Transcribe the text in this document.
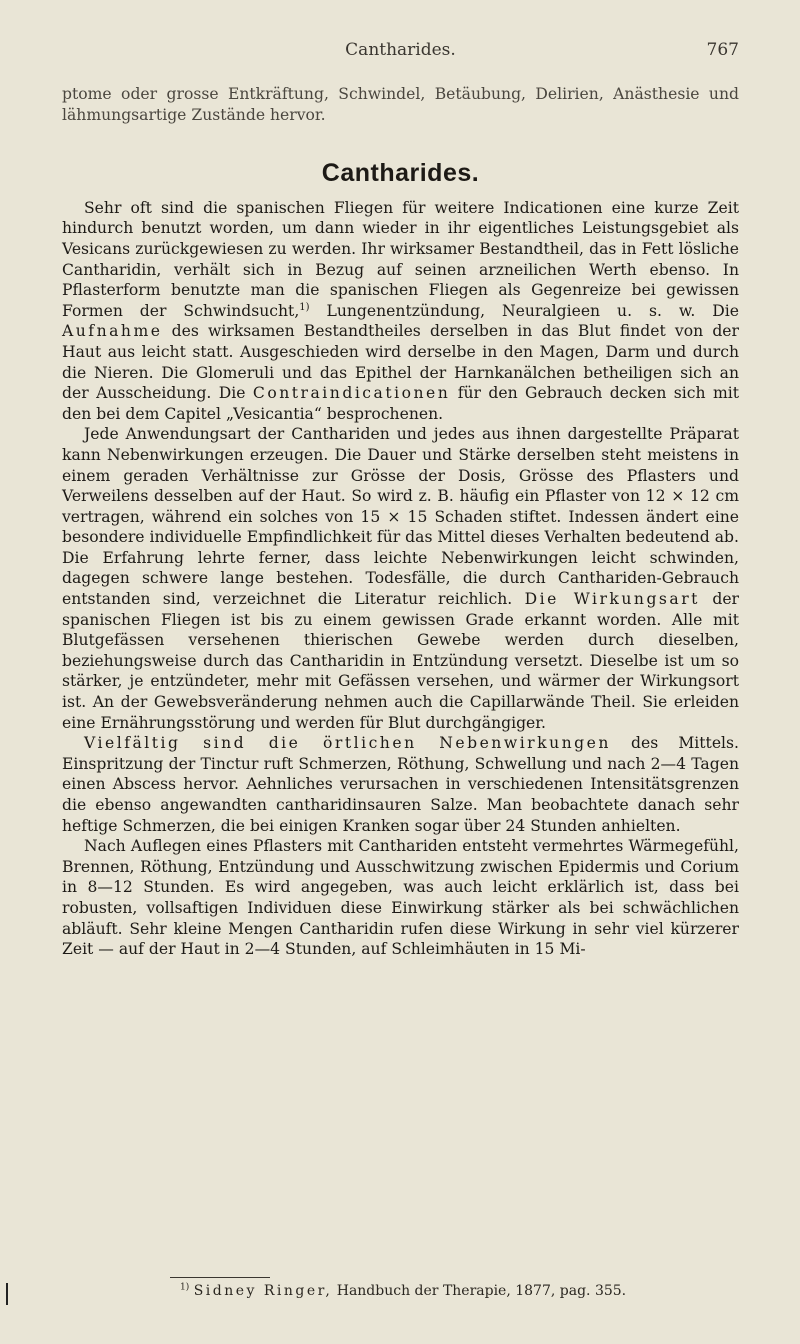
Cantharides.	767

ptome oder grosse Entkräftung, Schwindel, Betäubung, Delirien, Anästhesie und lähmungsartige Zustände hervor.

Cantharides.

Sehr oft sind die spanischen Fliegen für weitere Indicationen eine kurze Zeit hindurch benutzt worden, um dann wieder in ihr eigentliches Leistungsgebiet als Vesicans zurückgewiesen zu werden. Ihr wirksamer Bestandtheil, das in Fett lösliche Cantharidin, verhält sich in Bezug auf seinen arzneilichen Werth ebenso. In Pflasterform benutzte man die spanischen Fliegen als Gegenreize bei gewissen Formen der Schwindsucht,$^{1)}$ Lungenentzündung, Neuralgieen u. s. w. Die Aufnahme des wirksamen Bestandtheiles derselben in das Blut findet von der Haut aus leicht statt. Ausgeschieden wird derselbe in den Magen, Darm und durch die Nieren. Die Glomeruli und das Epithel der Harnkanälchen betheiligen sich an der Ausscheidung. Die Contraindicationen für den Gebrauch decken sich mit den bei dem Capitel „Vesicantia“ besprochenen.

Jede Anwendungsart der Canthariden und jedes aus ihnen dargestellte Präparat kann Nebenwirkungen erzeugen. Die Dauer und Stärke derselben steht meistens in einem geraden Verhältnisse zur Grösse der Dosis, Grösse des Pflasters und Verweilens desselben auf der Haut. So wird z. B. häufig ein Pflaster von 12 × 12 cm vertragen, während ein solches von 15 × 15 Schaden stiftet. Indessen ändert eine besondere individuelle Empfindlichkeit für das Mittel dieses Verhalten bedeutend ab. Die Erfahrung lehrte ferner, dass leichte Nebenwirkungen leicht schwinden, dagegen schwere lange bestehen. Todesfälle, die durch Canthariden-Gebrauch entstanden sind, verzeichnet die Literatur reichlich. Die Wirkungsart der spanischen Fliegen ist bis zu einem gewissen Grade erkannt worden. Alle mit Blutgefässen versehenen thierischen Gewebe werden durch dieselben, beziehungsweise durch das Cantharidin in Entzündung versetzt. Dieselbe ist um so stärker, je entzündeter, mehr mit Gefässen versehen, und wärmer der Wirkungsort ist. An der Gewebsveränderung nehmen auch die Capillarwände Theil. Sie erleiden eine Ernährungsstörung und werden für Blut durchgängiger.

Vielfältig sind die örtlichen Nebenwirkungen des Mittels. Einspritzung der Tinctur ruft Schmerzen, Röthung, Schwellung und nach 2—4 Tagen einen Abscess hervor. Aehnliches verursachen in verschiedenen Intensitätsgrenzen die ebenso angewandten cantharidinsauren Salze. Man beobachtete danach sehr heftige Schmerzen, die bei einigen Kranken sogar über 24 Stunden anhielten.

Nach Auflegen eines Pflasters mit Canthariden entsteht vermehrtes Wärmegefühl, Brennen, Röthung, Entzündung und Ausschwitzung zwischen Epidermis und Corium in 8—12 Stunden. Es wird angegeben, was auch leicht erklärlich ist, dass bei robusten, vollsaftigen Individuen diese Einwirkung stärker als bei schwächlichen abläuft. Sehr kleine Mengen Cantharidin rufen diese Wirkung in sehr viel kürzerer Zeit — auf der Haut in 2—4 Stunden, auf Schleimhäuten in 15 Mi-

$^{1)}$ Sidney Ringer, Handbuch der Therapie, 1877, pag. 355.
